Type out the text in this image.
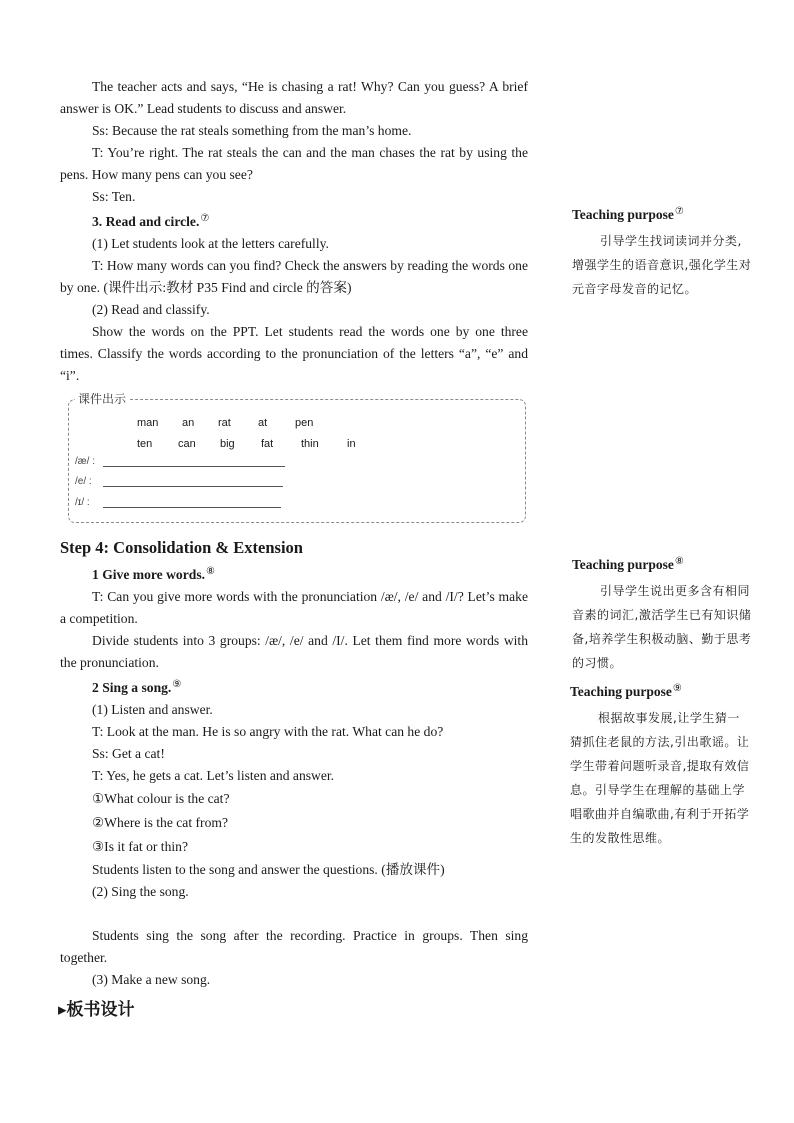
The teacher acts and says, “He is chasing a rat! Why? Can you guess? A brief answer is OK.” Lead students to discuss and answer.

Ss: Because the rat steals something from the man’s home.

T: You’re right. The rat steals the can and the man chases the rat by using the pens. How many pens can you see?

Ss: Ten.

3. Read and circle.⑦

(1) Let students look at the letters carefully.

T: How many words can you find? Check the answers by reading the words one by one. (课件出示:教材 P35 Find and circle 的答案)

(2) Read and classify.

Show the words on the PPT. Let students read the words one by one three times. Classify the words according to the pronunciation of the letters “a”, “e” and “i”.

课件出示
man an rat at	pen
ten can big fat	thin	in
/æ/ :
/e/ :
/ɪ/ :

Step 4: Consolidation & Extension

1 Give more words.⑧

T: Can you give more words with the pronunciation /æ/, /e/ and /I/? Let’s make a competition.

Divide students into 3 groups: /æ/, /e/ and /I/. Let them find more words with the pronunciation.

2 Sing a song.⑨

(1) Listen and answer.

T: Look at the man. He is so angry with the rat. What can he do?

Ss: Get a cat!

T: Yes, he gets a cat. Let’s listen and answer.

①What colour is the cat?

②Where is the cat from?

③Is it fat or thin?

Students listen to the song and answer the questions. (播放课件)

(2) Sing the song.

Students sing the song after the recording. Practice in groups. Then sing together.

(3) Make a new song.

Teaching purpose⑦

引导学生找词读词并分类,增强学生的语音意识,强化学生对元音字母发音的记忆。

Teaching purpose⑧

引导学生说出更多含有相同音素的词汇,激活学生已有知识储备,培养学生积极动脑、勤于思考的习惯。

Teaching purpose⑨

根据故事发展,让学生猜一猜抓住老鼠的方法,引出歌谣。让学生带着问题听录音,提取有效信息。引导学生在理解的基础上学唱歌曲并自编歌曲,有利于开拓学生的发散性思维。

▸板书设计
